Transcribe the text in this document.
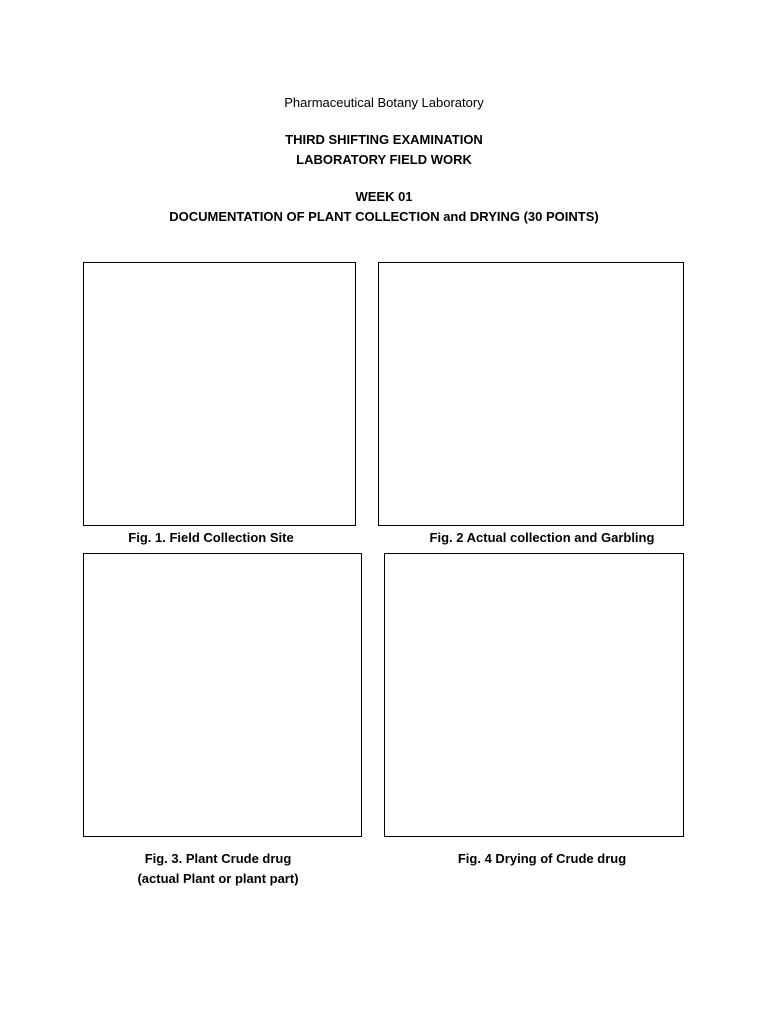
Pharmaceutical Botany Laboratory
THIRD SHIFTING EXAMINATION
LABORATORY FIELD WORK
WEEK 01
DOCUMENTATION OF PLANT COLLECTION and DRYING (30 POINTS)
Fig. 1. Field Collection Site	Fig. 2 Actual collection and Garbling
Fig. 3. Plant Crude drug
(actual Plant or plant part)
Fig. 4 Drying of Crude drug
